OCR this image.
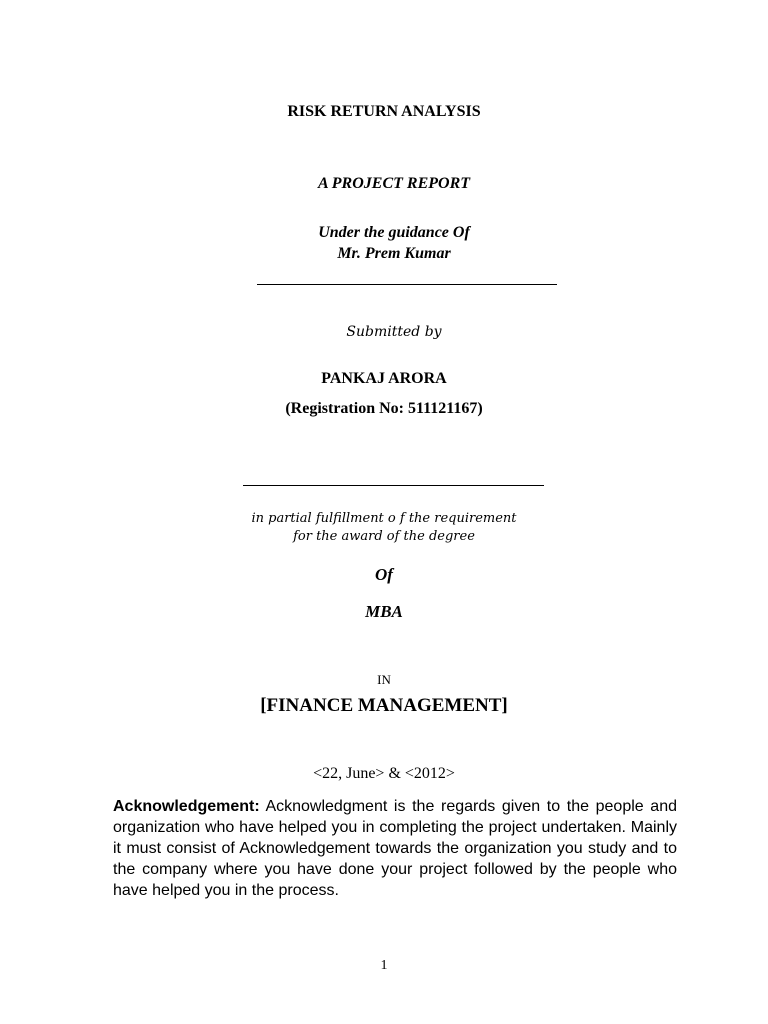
RISK RETURN ANALYSIS
A PROJECT REPORT
Under the guidance Of
Mr. Prem Kumar
Submitted by
PANKAJ ARORA
(Registration No: 511121167)
in partial fulfillment o f the requirement
for the award of the degree
Of
MBA
IN
[FINANCE MANAGEMENT]
<22, June> & <2012>
Acknowledgement: Acknowledgment is the regards given to the people and organization who have helped you in completing the project undertaken. Mainly it must consist of Acknowledgement towards the organization you study and to the company where you have done your project followed by the people who have helped you in the process.
1
